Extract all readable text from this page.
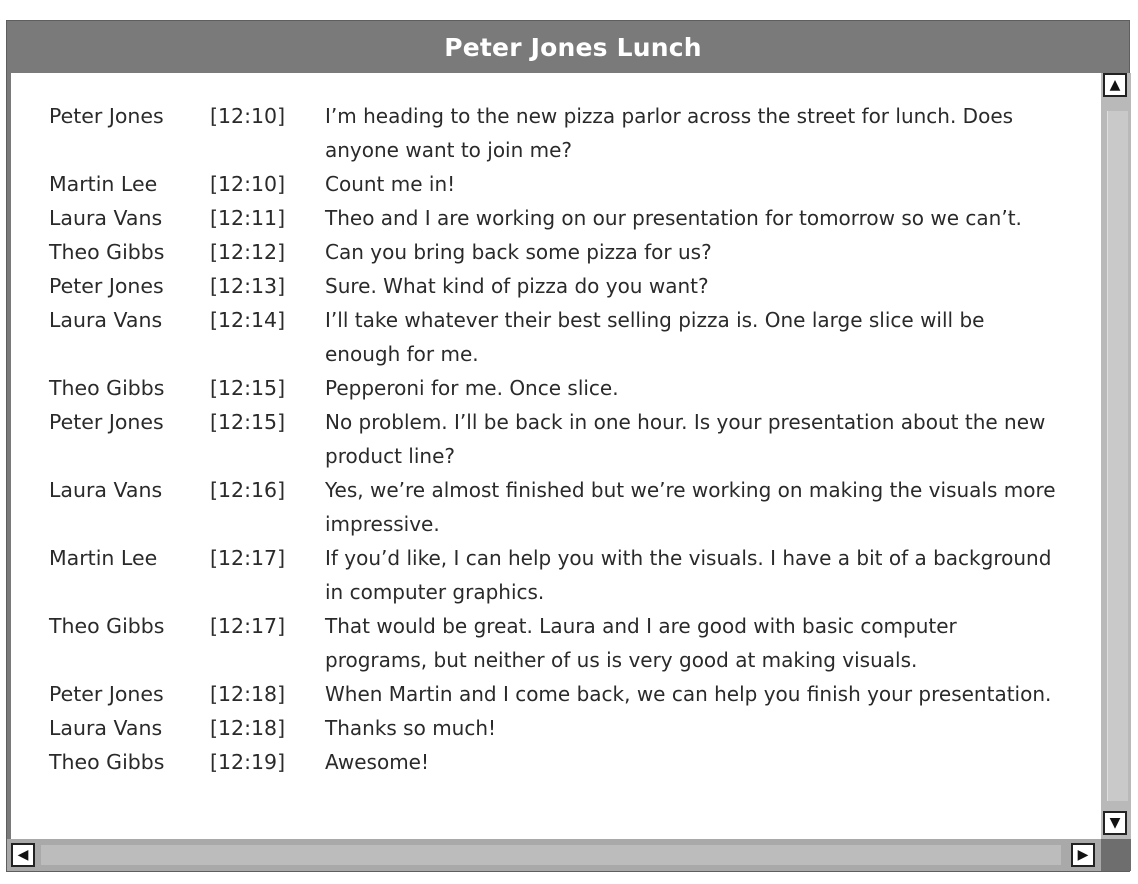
Peter Jones Lunch
Peter Jones	[12:10]	I’m heading to the new pizza parlor across the street for lunch. Does anyone want to join me?
Martin Lee	[12:10]	Count me in!
Laura Vans	[12:11]	Theo and I are working on our presentation for tomorrow so we can’t.
Theo Gibbs	[12:12]	Can you bring back some pizza for us?
Peter Jones	[12:13]	Sure. What kind of pizza do you want?
Laura Vans	[12:14]	I’ll take whatever their best selling pizza is. One large slice will be enough for me.
Theo Gibbs	[12:15]	Pepperoni for me. Once slice.
Peter Jones	[12:15]	No problem. I’ll be back in one hour. Is your presentation about the new product line?
Laura Vans	[12:16]	Yes, we’re almost finished but we’re working on making the visuals more impressive.
Martin Lee	[12:17]	If you’d like, I can help you with the visuals. I have a bit of a background in computer graphics.
Theo Gibbs	[12:17]	That would be great. Laura and I are good with basic computer programs, but neither of us is very good at making visuals.
Peter Jones	[12:18]	When Martin and I come back, we can help you finish your presentation.
Laura Vans	[12:18]	Thanks so much!
Theo Gibbs	[12:19]	Awesome!
▲
▼
◀	▶
